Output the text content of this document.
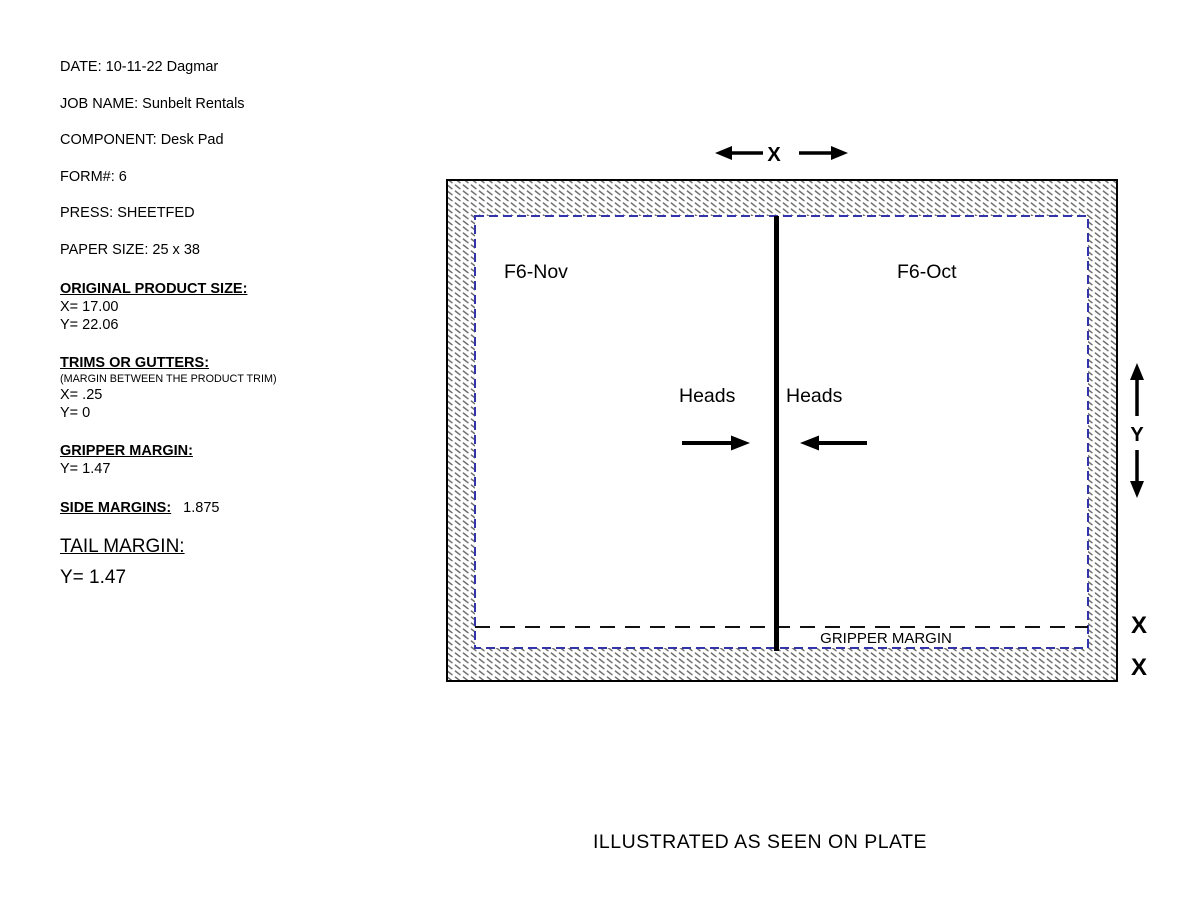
DATE: 10-11-22 Dagmar
JOB NAME: Sunbelt Rentals
COMPONENT: Desk Pad
FORM#: 6
PRESS: SHEETFED
PAPER SIZE: 25 x 38
ORIGINAL PRODUCT SIZE:
X= 17.00
Y= 22.06
TRIMS OR GUTTERS:
(MARGIN BETWEEN THE PRODUCT TRIM)
X= .25
Y= 0
GRIPPER MARGIN:
Y= 1.47
SIDE MARGINS: 1.875
TAIL MARGIN:
Y= 1.47
F6-Nov	F6-Oct
Heads	Heads
X
Y
GRIPPER MARGIN	X
X
ILLUSTRATED AS SEEN ON PLATE
